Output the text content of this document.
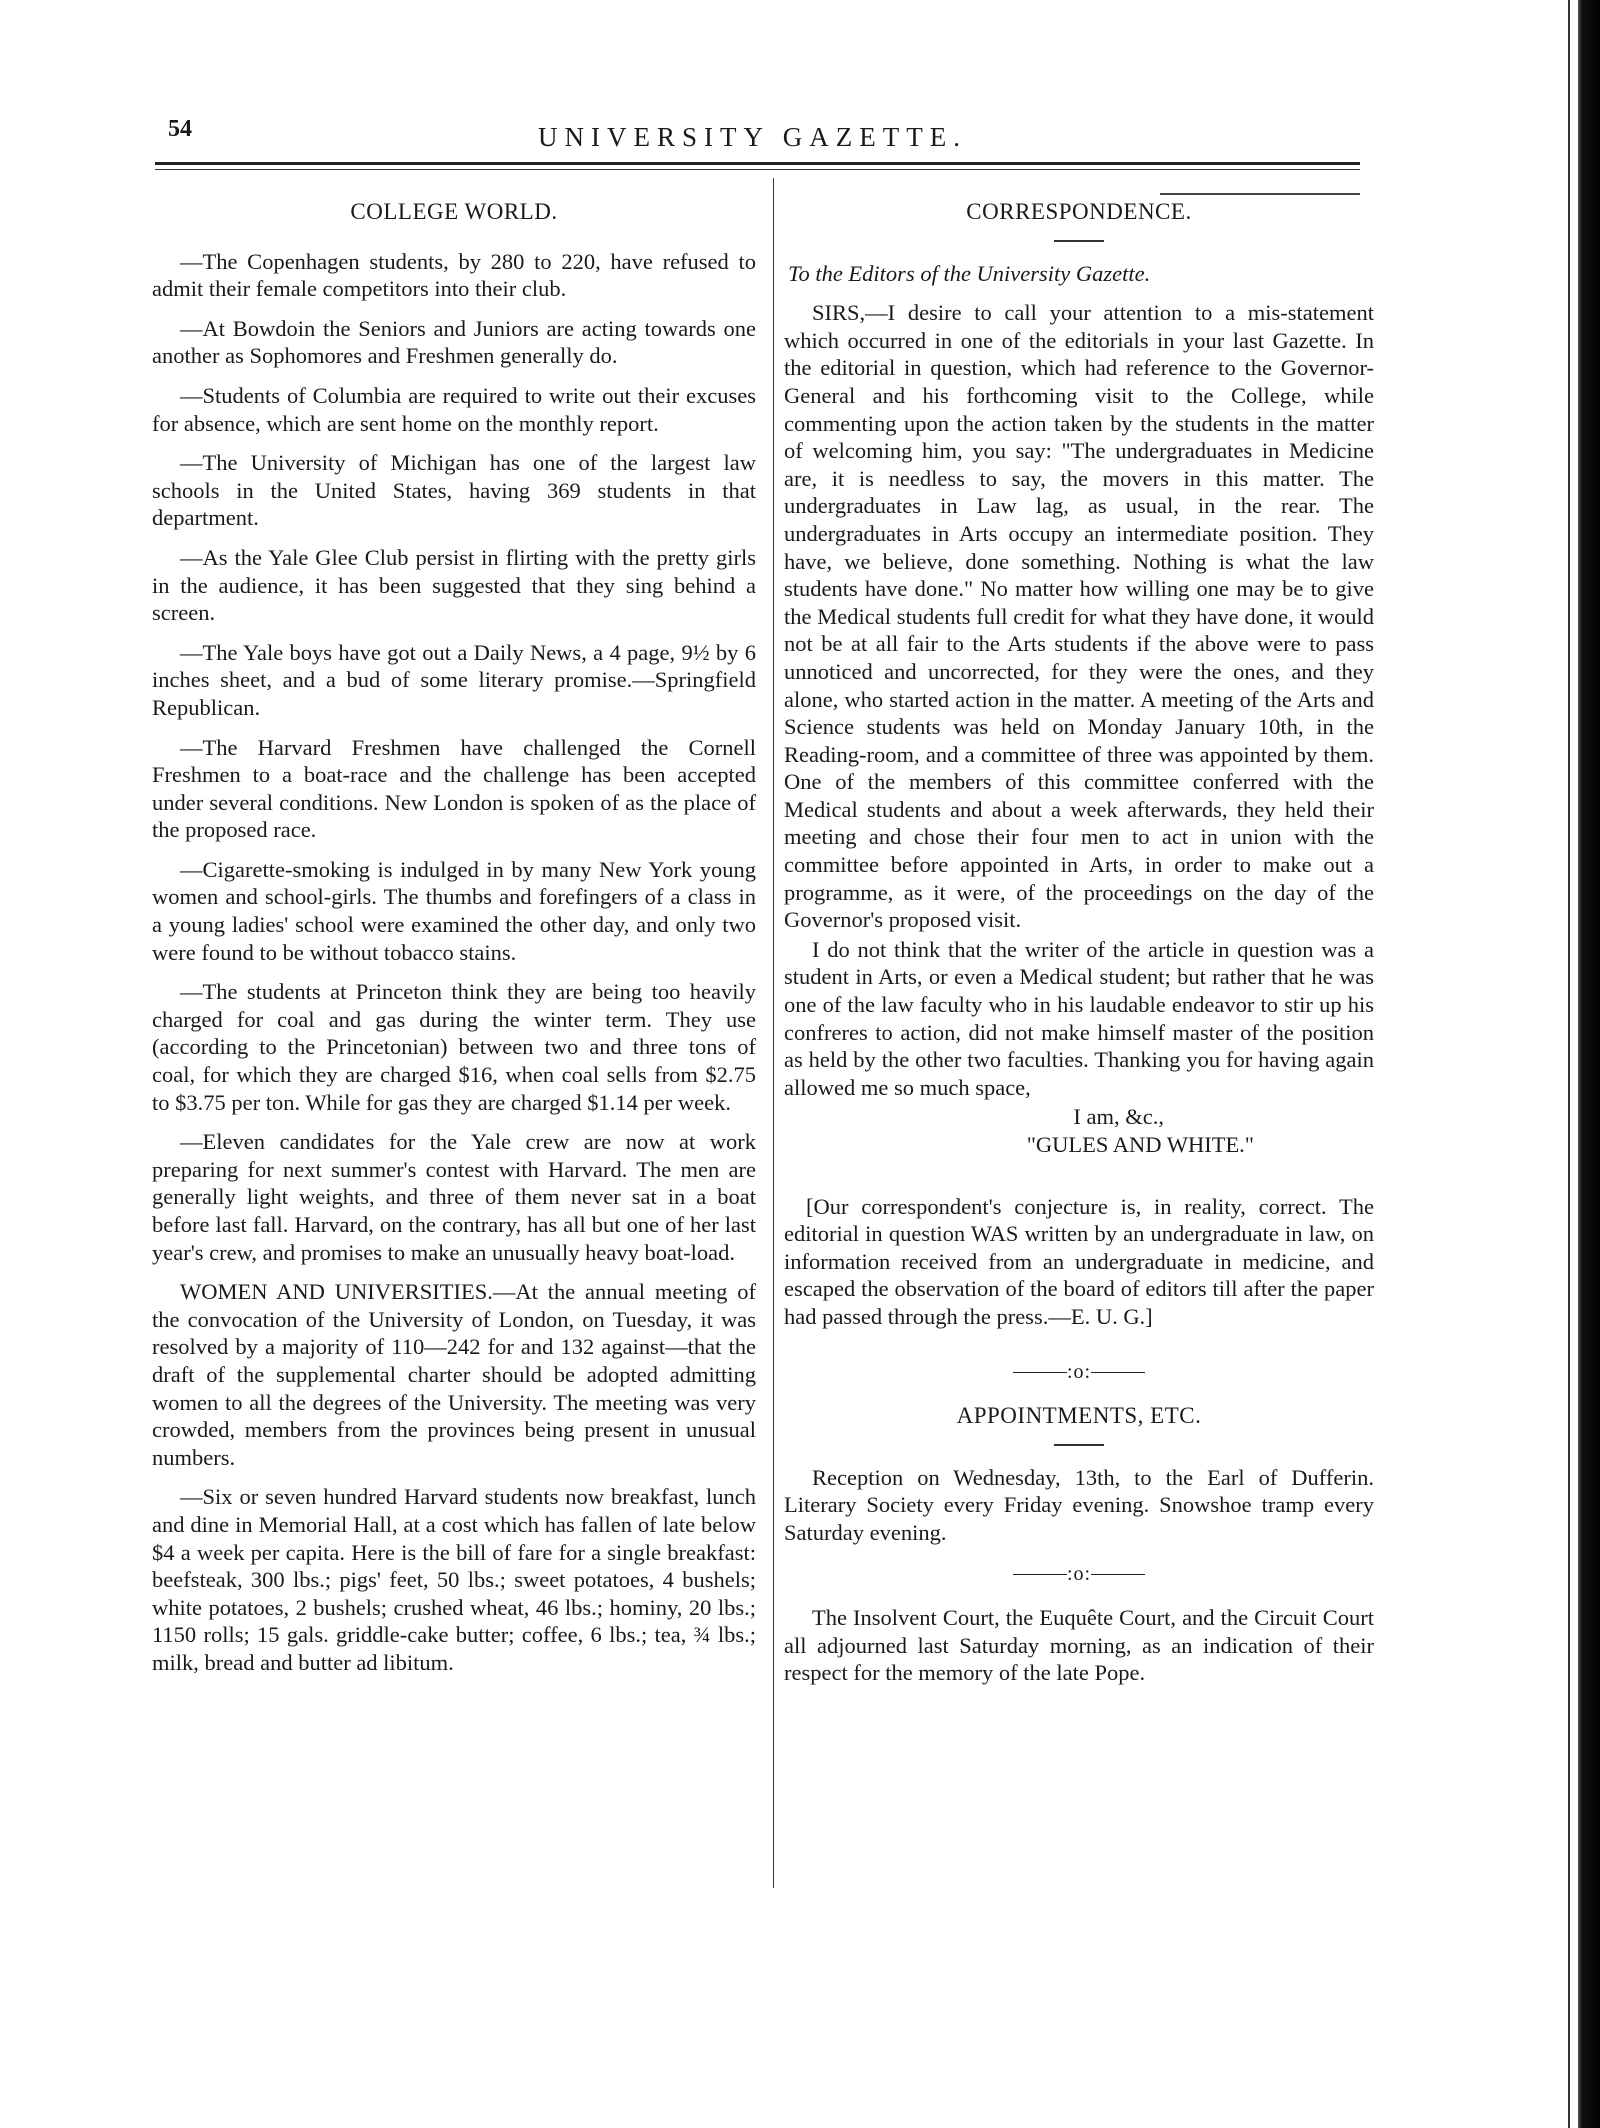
54	UNIVERSITY GAZETTE.
COLLEGE WORLD.

—The Copenhagen students, by 280 to 220, have refused to admit their female competitors into their club.

—At Bowdoin the Seniors and Juniors are acting towards one another as Sophomores and Freshmen generally do.

—Students of Columbia are required to write out their excuses for absence, which are sent home on the monthly report.

—The University of Michigan has one of the largest law schools in the United States, having 369 students in that department.

—As the Yale Glee Club persist in flirting with the pretty girls in the audience, it has been suggested that they sing behind a screen.

—The Yale boys have got out a Daily News, a 4 page, 9½ by 6 inches sheet, and a bud of some literary promise.—Springfield Republican.

—The Harvard Freshmen have challenged the Cornell Freshmen to a boat-race and the challenge has been accepted under several conditions. New London is spoken of as the place of the proposed race.

—Cigarette-smoking is indulged in by many New York young women and school-girls. The thumbs and forefingers of a class in a young ladies' school were examined the other day, and only two were found to be without tobacco stains.

—The students at Princeton think they are being too heavily charged for coal and gas during the winter term. They use (according to the Princetonian) between two and three tons of coal, for which they are charged $16, when coal sells from $2.75 to $3.75 per ton. While for gas they are charged $1.14 per week.

—Eleven candidates for the Yale crew are now at work preparing for next summer's contest with Harvard. The men are generally light weights, and three of them never sat in a boat before last fall. Harvard, on the contrary, has all but one of her last year's crew, and promises to make an unusually heavy boat-load.

WOMEN AND UNIVERSITIES.—At the annual meeting of the convocation of the University of London, on Tuesday, it was resolved by a majority of 110—242 for and 132 against—that the draft of the supplemental charter should be adopted admitting women to all the degrees of the University. The meeting was very crowded, members from the provinces being present in unusual numbers.

—Six or seven hundred Harvard students now breakfast, lunch and dine in Memorial Hall, at a cost which has fallen of late below $4 a week per capita. Here is the bill of fare for a single breakfast: beefsteak, 300 lbs.; pigs' feet, 50 lbs.; sweet potatoes, 4 bushels; white potatoes, 2 bushels; crushed wheat, 46 lbs.; hominy, 20 lbs.; 1150 rolls; 15 gals. griddle-cake butter; coffee, 6 lbs.; tea, ¾ lbs.; milk, bread and butter ad libitum.

CORRESPONDENCE.
To the Editors of the University Gazette.

SIRS,—I desire to call your attention to a mis-statement which occurred in one of the editorials in your last Gazette. In the editorial in question, which had reference to the Governor-General and his forthcoming visit to the College, while commenting upon the action taken by the students in the matter of welcoming him, you say: "The undergraduates in Medicine are, it is needless to say, the movers in this matter. The undergraduates in Law lag, as usual, in the rear. The undergraduates in Arts occupy an intermediate position. They have, we believe, done something. Nothing is what the law students have done." No matter how willing one may be to give the Medical students full credit for what they have done, it would not be at all fair to the Arts students if the above were to pass unnoticed and uncorrected, for they were the ones, and they alone, who started action in the matter. A meeting of the Arts and Science students was held on Monday January 10th, in the Reading-room, and a committee of three was appointed by them. One of the members of this committee conferred with the Medical students and about a week afterwards, they held their meeting and chose their four men to act in union with the committee before appointed in Arts, in order to make out a programme, as it were, of the proceedings on the day of the Governor's proposed visit.

I do not think that the writer of the article in question was a student in Arts, or even a Medical student; but rather that he was one of the law faculty who in his laudable endeavor to stir up his confreres to action, did not make himself master of the position as held by the other two faculties. Thanking you for having again allowed me so much space,

I am, &c.,
"GULES AND WHITE."

[Our correspondent's conjecture is, in reality, correct. The editorial in question WAS written by an undergraduate in law, on information received from an undergraduate in medicine, and escaped the observation of the board of editors till after the paper had passed through the press.—E. U. G.]

:o:
APPOINTMENTS, ETC.

Reception on Wednesday, 13th, to the Earl of Dufferin. Literary Society every Friday evening. Snowshoe tramp every Saturday evening.

:o:

The Insolvent Court, the Euquête Court, and the Circuit Court all adjourned last Saturday morning, as an indication of their respect for the memory of the late Pope.
